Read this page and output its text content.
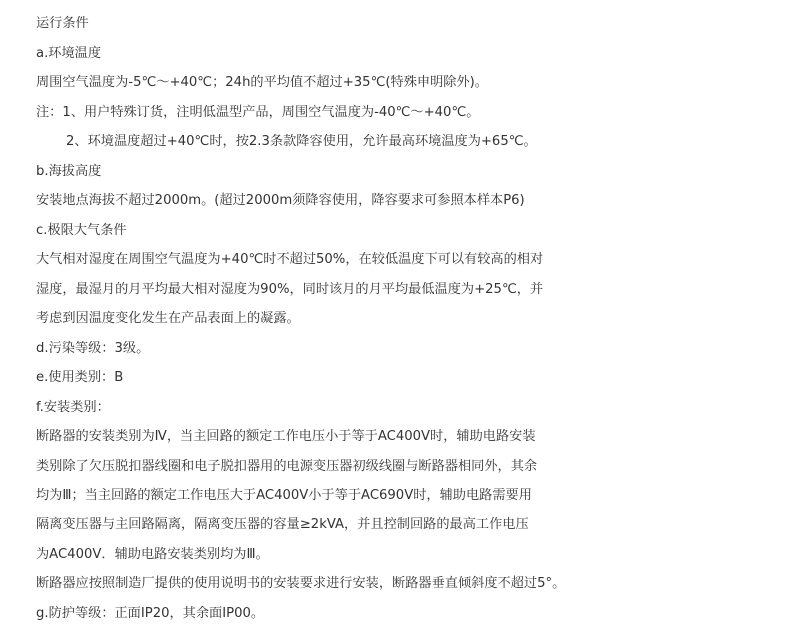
运行条件
a.环境温度
周围空气温度为-5℃～+40℃；24h的平均值不超过+35℃(特殊申明除外)。
注：1、用户特殊订货，注明低温型产品，周围空气温度为-40℃～+40℃。
2、环境温度超过+40℃时，按2.3条款降容使用，允许最高环境温度为+65℃。
b.海拔高度
安装地点海拔不超过2000m。(超过2000m须降容使用，降容要求可参照本样本P6)
c.极限大气条件
大气相对湿度在周围空气温度为+40℃时不超过50%，在较低温度下可以有较高的相对
湿度，最湿月的月平均最大相对湿度为90%，同时该月的月平均最低温度为+25℃，并
考虑到因温度变化发生在产品表面上的凝露。
d.污染等级：3级。
e.使用类别：B
f.安装类别：
断路器的安装类别为Ⅳ，当主回路的额定工作电压小于等于AC400V时，辅助电路安装
类别除了欠压脱扣器线圈和电子脱扣器用的电源变压器初级线圈与断路器相同外，其余
均为Ⅲ；当主回路的额定工作电压大于AC400V小于等于AC690V时，辅助电路需要用
隔离变压器与主回路隔离，隔离变压器的容量≥2kVA，并且控制回路的最高工作电压
为AC400V．辅助电路安装类别均为Ⅲ。
断路器应按照制造厂提供的使用说明书的安装要求进行安装，断路器垂直倾斜度不超过5°。
g.防护等级：正面IP20，其余面IP00。
